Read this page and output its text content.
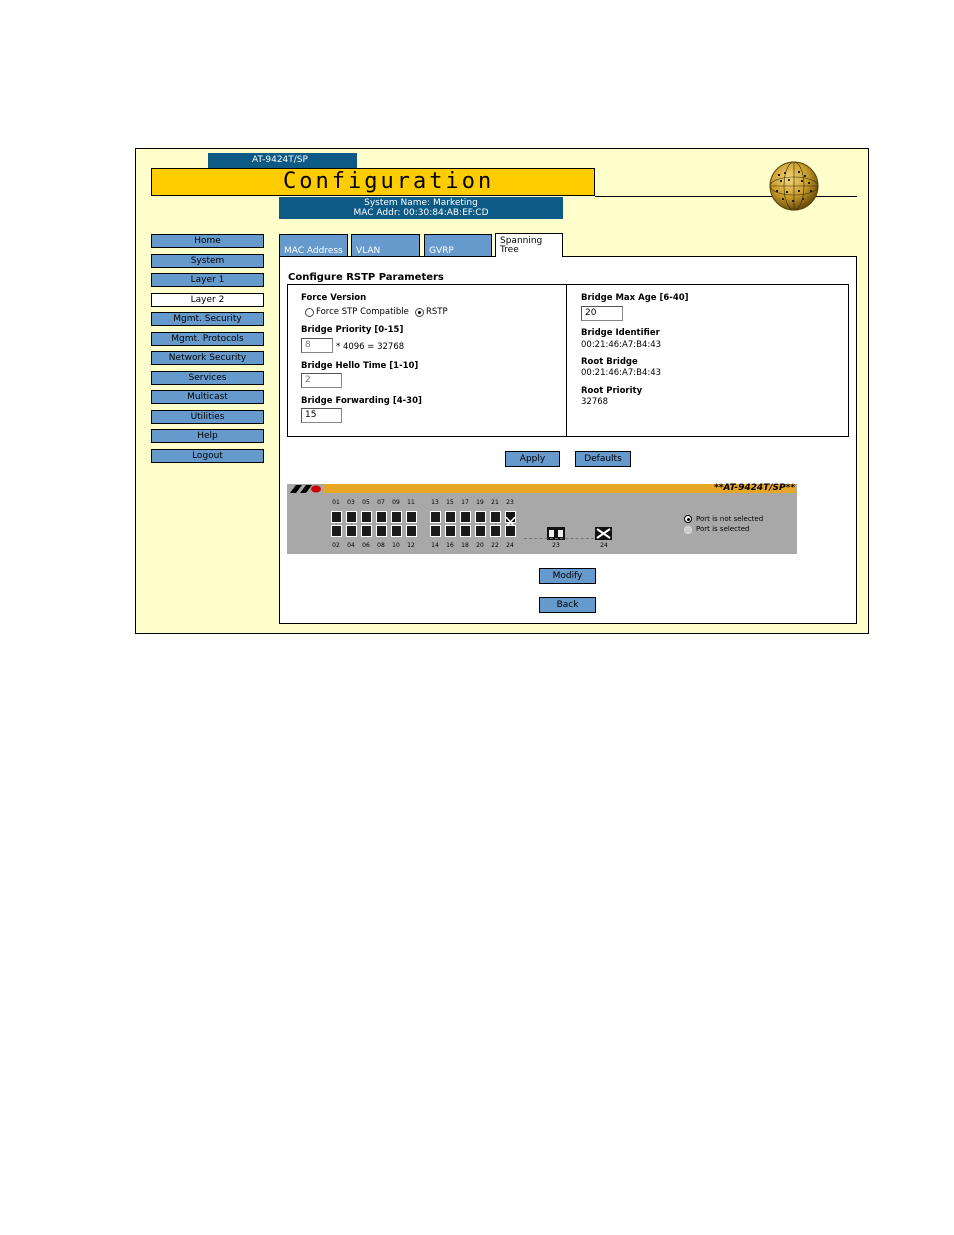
AT-9424T/SP
Configuration
System Name: Marketing
MAC Addr: 00:30:84:AB:EF:CD
Home
System
Layer 1
Layer 2
Mgmt. Security
Mgmt. Protocols
Network Security
Services
Multicast
Utilities
Help
Logout
MAC Address	VLAN	GVRP
Spanning
Tree
Configure RSTP Parameters
Force Version
Force STP Compatible RSTP
Bridge Priority [0-15]
8	* 4096 = 32768
Bridge Hello Time [1-10]
2
Bridge Forwarding [4-30]
15
Bridge Max Age [6-40]
20
Bridge Identifier
00:21:46:A7:B4:43
Root Bridge
00:21:46:A7:B4:43
Root Priority
32768
Apply	Defaults
**AT-9424T/SP**
01	03	05	07	09	11	13	15	17	19	21	23
02	04	06	08	10	12	14	16	18	20	22	24	23	24
Port is not selected
Port is selected
Modify
Back
